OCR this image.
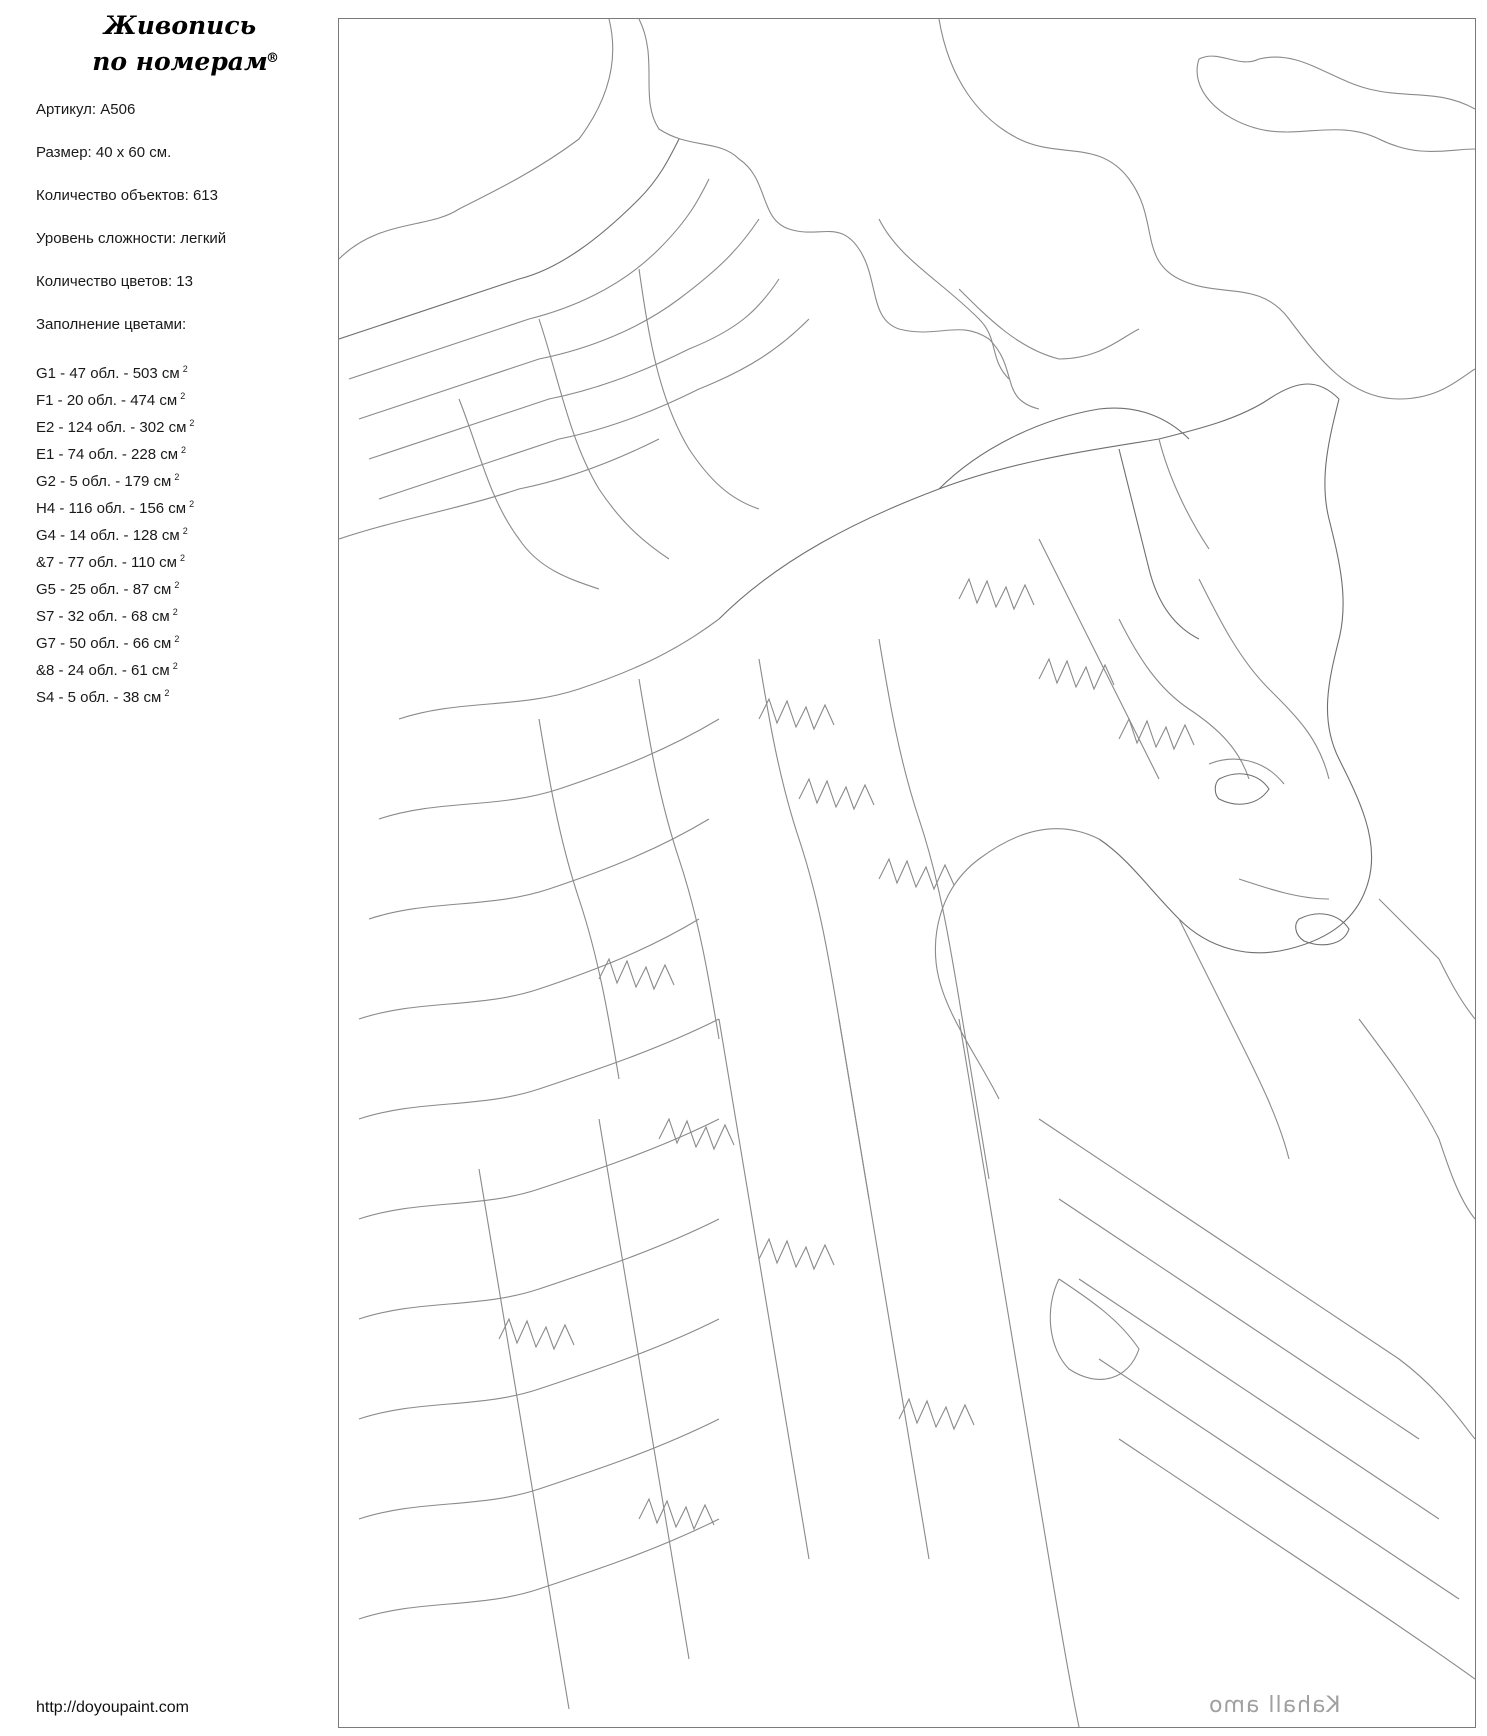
Живопись
по номерам
®
Артикул: А506
Размер: 40 х 60 см.
Количество объектов: 613
Уровень сложности: легкий
Количество цветов: 13
Заполнение цветами:
G1 - 47 обл. - 503 см $^2$
F1 - 20 обл. - 474 см $^2$
E2 - 124 обл. - 302 см $^2$
E1 - 74 обл. - 228 см $^2$
G2 - 5 обл. - 179 см $^2$
H4 - 116 обл. - 156 см $^2$
G4 - 14 обл. - 128 см $^2$
&7 - 77 обл. - 110 см $^2$
G5 - 25 обл. - 87 см $^2$
S7 - 32 обл. - 68 см $^2$
G7 - 50 обл. - 66 см $^2$
&8 - 24 обл. - 61 см $^2$
S4 - 5 обл. - 38 см $^2$
http://doyoupaint.com	Kahall amo
